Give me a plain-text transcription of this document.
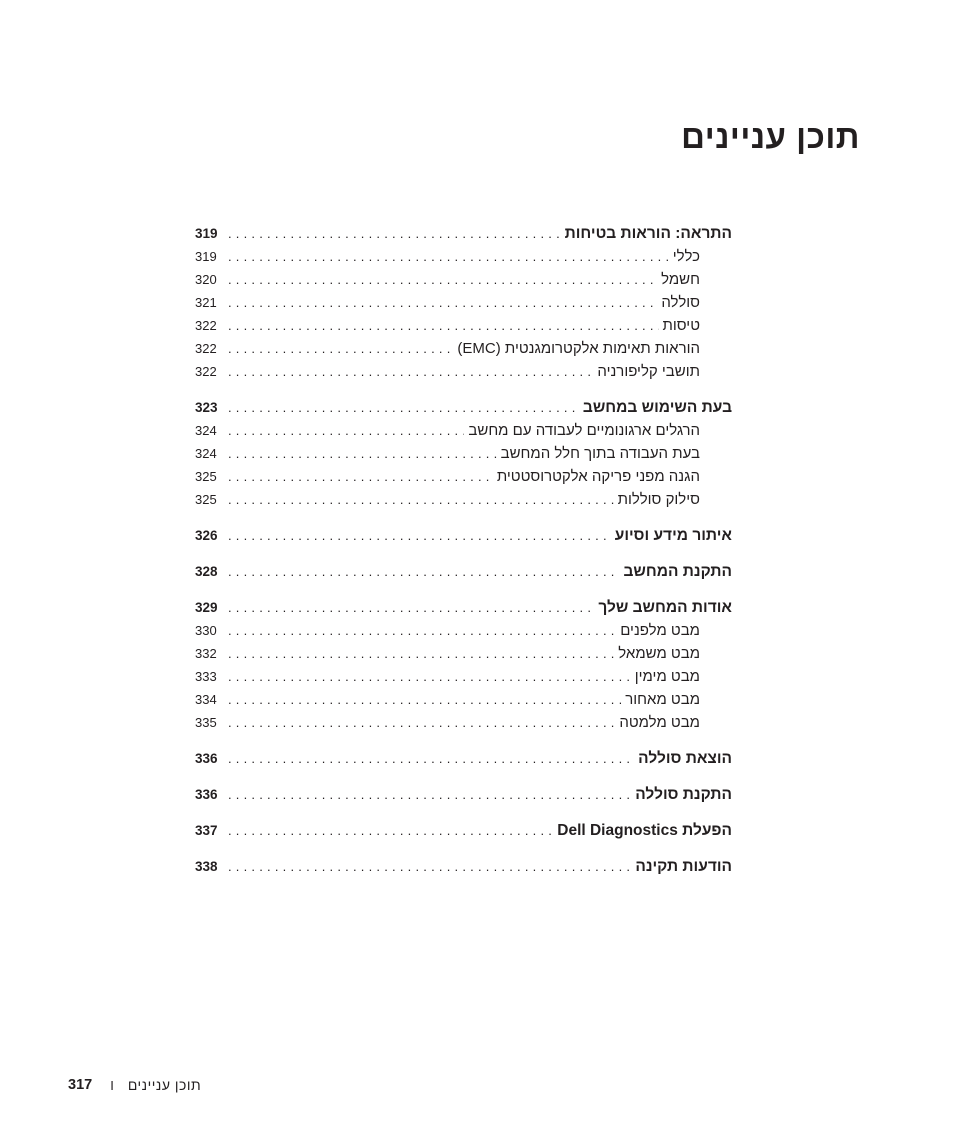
תוכן עניינים
התראה: הוראות בטיחות
.....
319
כללי
.....
319
חשמל
.....
320
סוללה
.....
321
טיסות
.....
322
הוראות תאימות אלקטרומגנטית (EMC)
.....
322
תושבי קליפורניה
.....
322
בעת השימוש במחשב
.....
323
הרגלים ארגונומיים לעבודה עם מחשב
.....
324
בעת העבודה בתוך חלל המחשב
.....
324
הגנה מפני פריקה אלקטרוסטטית
.....
325
סילוק סוללות
.....
325
איתור מידע וסיוע
.....
326
התקנת המחשב
.....
328
אודות המחשב שלך
.....
329
מבט מלפנים
.....
330
מבט משמאל
.....
332
מבט מימין
.....
333
מבט מאחור
.....
334
מבט מלמטה
.....
335
הוצאת סוללה
.....
336
התקנת סוללה
.....
336
הפעלת Dell Diagnostics
.....
337
הודעות תקינה
.....
338
317 I תוכן עניינים
